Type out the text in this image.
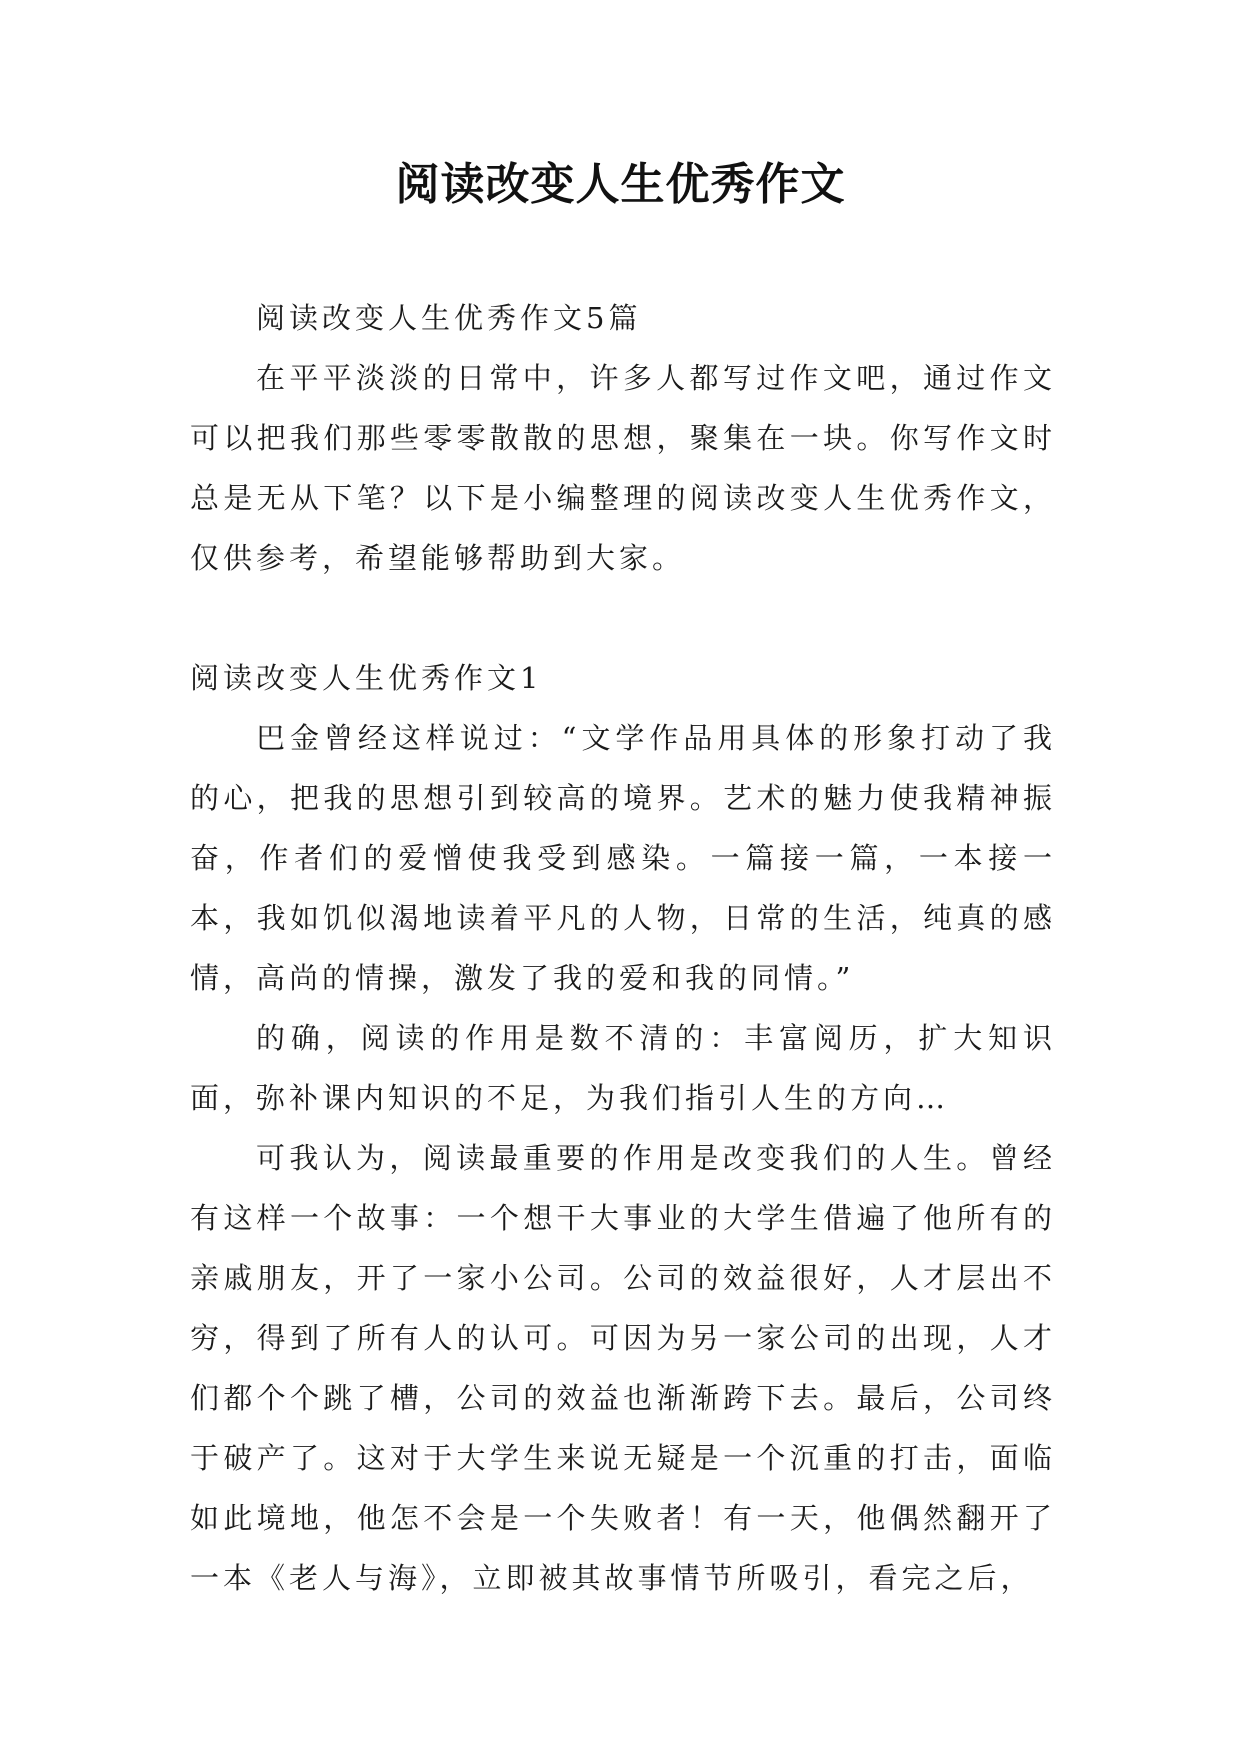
阅读改变人生优秀作文

阅读改变人生优秀作文5篇

在平平淡淡的日常中，许多人都写过作文吧，通过作文可以把我们那些零零散散的思想，聚集在一块。你写作文时总是无从下笔？以下是小编整理的阅读改变人生优秀作文，仅供参考，希望能够帮助到大家。

阅读改变人生优秀作文1

巴金曾经这样说过：“文学作品用具体的形象打动了我的心，把我的思想引到较高的境界。艺术的魅力使我精神振奋，作者们的爱憎使我受到感染。一篇接一篇，一本接一本，我如饥似渴地读着平凡的人物，日常的生活，纯真的感情，高尚的情操，激发了我的爱和我的同情。”

的确，阅读的作用是数不清的：丰富阅历，扩大知识面，弥补课内知识的不足，为我们指引人生的方向…

可我认为，阅读最重要的作用是改变我们的人生。曾经有这样一个故事：一个想干大事业的大学生借遍了他所有的亲戚朋友，开了一家小公司。公司的效益很好，人才层出不穷，得到了所有人的认可。可因为另一家公司的出现，人才们都个个跳了槽，公司的效益也渐渐跨下去。最后，公司终于破产了。这对于大学生来说无疑是一个沉重的打击，面临如此境地，他怎不会是一个失败者！有一天，他偶然翻开了一本《老人与海》，立即被其故事情节所吸引，看完之后，
